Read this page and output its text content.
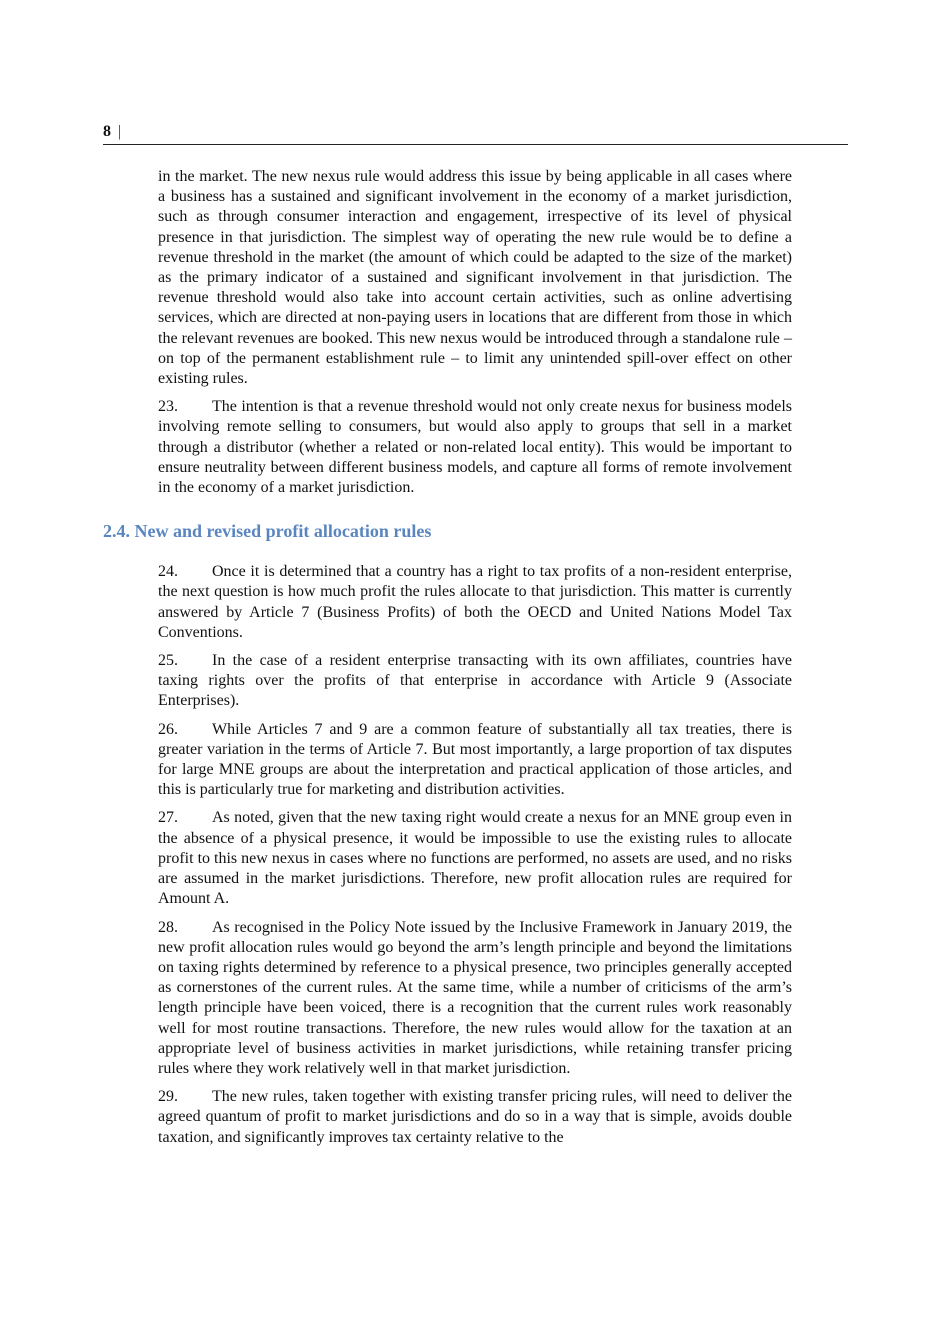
8 |

in the market. The new nexus rule would address this issue by being applicable in all cases where a business has a sustained and significant involvement in the economy of a market jurisdiction, such as through consumer interaction and engagement, irrespective of its level of physical presence in that jurisdiction. The simplest way of operating the new rule would be to define a revenue threshold in the market (the amount of which could be adapted to the size of the market) as the primary indicator of a sustained and significant involvement in that jurisdiction. The revenue threshold would also take into account certain activities, such as online advertising services, which are directed at non-paying users in locations that are different from those in which the relevant revenues are booked. This new nexus would be introduced through a standalone rule – on top of the permanent establishment rule – to limit any unintended spill-over effect on other existing rules.

23. The intention is that a revenue threshold would not only create nexus for business models involving remote selling to consumers, but would also apply to groups that sell in a market through a distributor (whether a related or non-related local entity). This would be important to ensure neutrality between different business models, and capture all forms of remote involvement in the economy of a market jurisdiction.

2.4. New and revised profit allocation rules

24. Once it is determined that a country has a right to tax profits of a non-resident enterprise, the next question is how much profit the rules allocate to that jurisdiction. This matter is currently answered by Article 7 (Business Profits) of both the OECD and United Nations Model Tax Conventions.

25. In the case of a resident enterprise transacting with its own affiliates, countries have taxing rights over the profits of that enterprise in accordance with Article 9 (Associate Enterprises).

26. While Articles 7 and 9 are a common feature of substantially all tax treaties, there is greater variation in the terms of Article 7. But most importantly, a large proportion of tax disputes for large MNE groups are about the interpretation and practical application of those articles, and this is particularly true for marketing and distribution activities.

27. As noted, given that the new taxing right would create a nexus for an MNE group even in the absence of a physical presence, it would be impossible to use the existing rules to allocate profit to this new nexus in cases where no functions are performed, no assets are used, and no risks are assumed in the market jurisdictions. Therefore, new profit allocation rules are required for Amount A.

28. As recognised in the Policy Note issued by the Inclusive Framework in January 2019, the new profit allocation rules would go beyond the arm’s length principle and beyond the limitations on taxing rights determined by reference to a physical presence, two principles generally accepted as cornerstones of the current rules. At the same time, while a number of criticisms of the arm’s length principle have been voiced, there is a recognition that the current rules work reasonably well for most routine transactions. Therefore, the new rules would allow for the taxation at an appropriate level of business activities in market jurisdictions, while retaining transfer pricing rules where they work relatively well in that market jurisdiction.

29. The new rules, taken together with existing transfer pricing rules, will need to deliver the agreed quantum of profit to market jurisdictions and do so in a way that is simple, avoids double taxation, and significantly improves tax certainty relative to the
